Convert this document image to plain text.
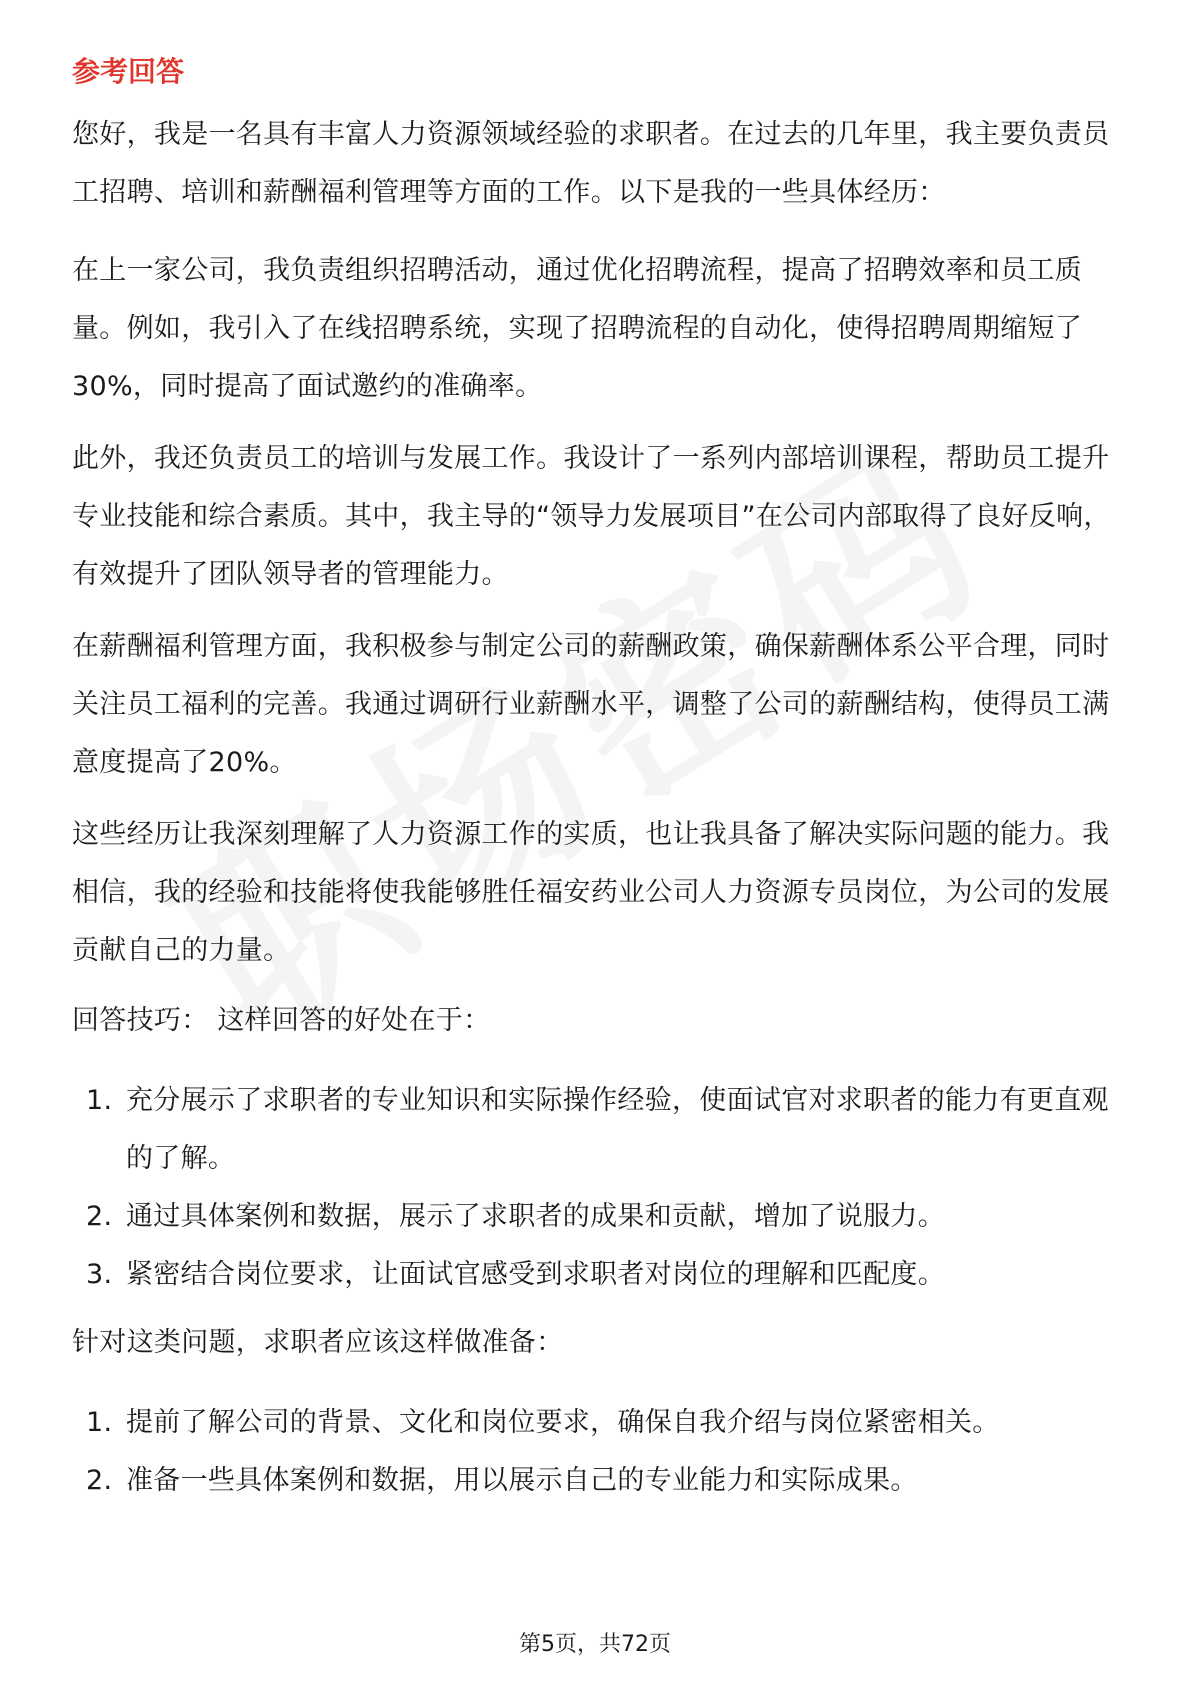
参考回答

您好，我是一名具有丰富人力资源领域经验的求职者。在过去的几年里，我主要负责员工招聘、培训和薪酬福利管理等方面的工作。以下是我的一些具体经历：

在上一家公司，我负责组织招聘活动，通过优化招聘流程，提高了招聘效率和员工质量。例如，我引入了在线招聘系统，实现了招聘流程的自动化，使得招聘周期缩短了30%，同时提高了面试邀约的准确率。

此外，我还负责员工的培训与发展工作。我设计了一系列内部培训课程，帮助员工提升专业技能和综合素质。其中，我主导的“领导力发展项目”在公司内部取得了良好反响，有效提升了团队领导者的管理能力。

在薪酬福利管理方面，我积极参与制定公司的薪酬政策，确保薪酬体系公平合理，同时关注员工福利的完善。我通过调研行业薪酬水平，调整了公司的薪酬结构，使得员工满意度提高了20%。

这些经历让我深刻理解了人力资源工作的实质，也让我具备了解决实际问题的能力。我相信，我的经验和技能将使我能够胜任福安药业公司人力资源专员岗位，为公司的发展贡献自己的力量。

回答技巧： 这样回答的好处在于：

1. 充分展示了求职者的专业知识和实际操作经验，使面试官对求职者的能力有更直观的了解。
2. 通过具体案例和数据，展示了求职者的成果和贡献，增加了说服力。
3. 紧密结合岗位要求，让面试官感受到求职者对岗位的理解和匹配度。

针对这类问题，求职者应该这样做准备：

1. 提前了解公司的背景、文化和岗位要求，确保自我介绍与岗位紧密相关。
2. 准备一些具体案例和数据，用以展示自己的专业能力和实际成果。
第5页，共72页
